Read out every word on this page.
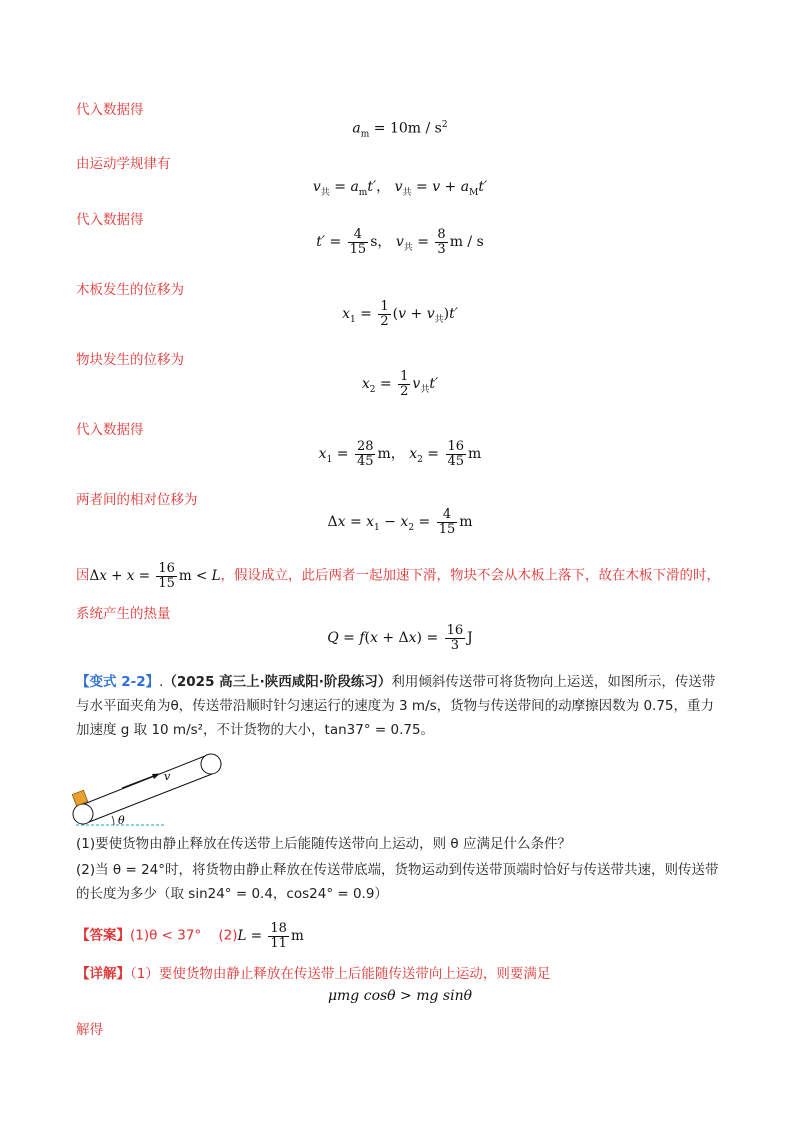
代入数据得
$a_m = 10m / s^2$
由运动学规律有
$v_共 = a_mt'$， $v_共 = v + a_Mt'$
代入数据得
$t' = \frac{4}{15}$ s， $v_共 = \frac{8}{3}$ m / s
木板发生的位移为
$x_1 = \frac{1}{2} (v + v_共)t'$
物块发生的位移为
$x_2 = \frac{1}{2} v_共t'$
代入数据得
$x_1 = \frac{28}{45}$ m， $x_2 = \frac{16}{45}$ m
两者间的相对位移为
$\Delta x = x_1 - x_2 = \frac{4}{15}$ m
因$\Delta x + x = \frac{16}{15}$ m < L，假设成立，此后两者一起加速下滑，物块不会从木板上落下，故在木板下滑的时，
系统产生的热量
$Q = f(x + \Delta x) = \frac{16}{3}$ J
【变式 2-2】.（2025 高三上·陕西咸阳·阶段练习）利用倾斜传送带可将货物向上运送，如图所示，传送带
与水平面夹角为θ，传送带沿顺时针匀速运行的速度为 3 m/s，货物与传送带间的动摩擦因数为 0.75，重力
加速度 g 取 10 m/s²，不计货物的大小，tan37° = 0.75。
v
θ
(1)要使货物由静止释放在传送带上后能随传送带向上运动，则 θ 应满足什么条件？
(2)当 θ = 24°时，将货物由静止释放在传送带底端，货物运动到传送带顶端时恰好与传送带共速，则传送带
的长度为多少（取 sin24° = 0.4，cos24° = 0.9）
【答案】(1)θ < 37° $(2)L = \frac{18}{11}$ m
【详解】（1）要使货物由静止释放在传送带上后能随传送带向上运动，则要满足
μmg cosθ > mg sinθ
解得
